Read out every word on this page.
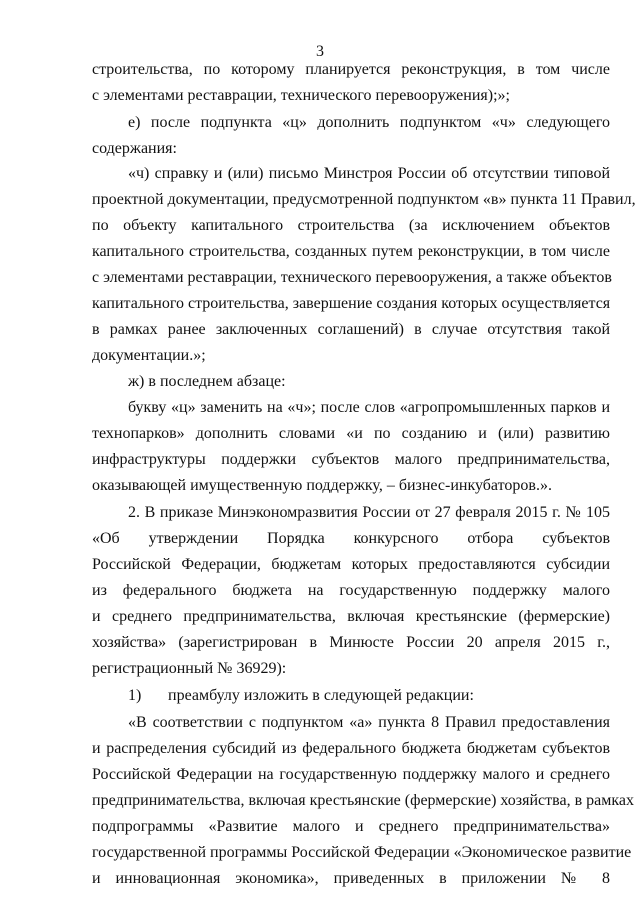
3
строительства, по которому планируется реконструкция, в том числе
с элементами реставрации, технического перевооружения);»;
е) после подпункта «ц» дополнить подпунктом «ч» следующего
содержания:
«ч) справку и (или) письмо Минстроя России об отсутствии типовой
проектной документации, предусмотренной подпунктом «в» пункта 11 Правил,
по объекту капитального строительства (за исключением объектов
капитального строительства, созданных путем реконструкции, в том числе
с элементами реставрации, технического перевооружения, а также объектов
капитального строительства, завершение создания которых осуществляется
в рамках ранее заключенных соглашений) в случае отсутствия такой
документации.»;
ж) в последнем абзаце:
букву «ц» заменить на «ч»; после слов «агропромышленных парков и
технопарков» дополнить словами «и по созданию и (или) развитию
инфраструктуры поддержки субъектов малого предпринимательства,
оказывающей имущественную поддержку, – бизнес-инкубаторов.».
2. В приказе Минэкономразвития России от 27 февраля 2015 г. № 105
«Об утверждении Порядка конкурсного отбора субъектов
Российской Федерации, бюджетам которых предоставляются субсидии
из федерального бюджета на государственную поддержку малого
и среднего предпринимательства, включая крестьянские (фермерские)
хозяйства» (зарегистрирован в Минюсте России 20 апреля 2015 г.,
регистрационный № 36929):
1) преамбулу изложить в следующей редакции:
«В соответствии с подпунктом «а» пункта 8 Правил предоставления
и распределения субсидий из федерального бюджета бюджетам субъектов
Российской Федерации на государственную поддержку малого и среднего
предпринимательства, включая крестьянские (фермерские) хозяйства, в рамках
подпрограммы «Развитие малого и среднего предпринимательства»
государственной программы Российской Федерации «Экономическое развитие
и инновационная экономика», приведенных в приложении № 8
